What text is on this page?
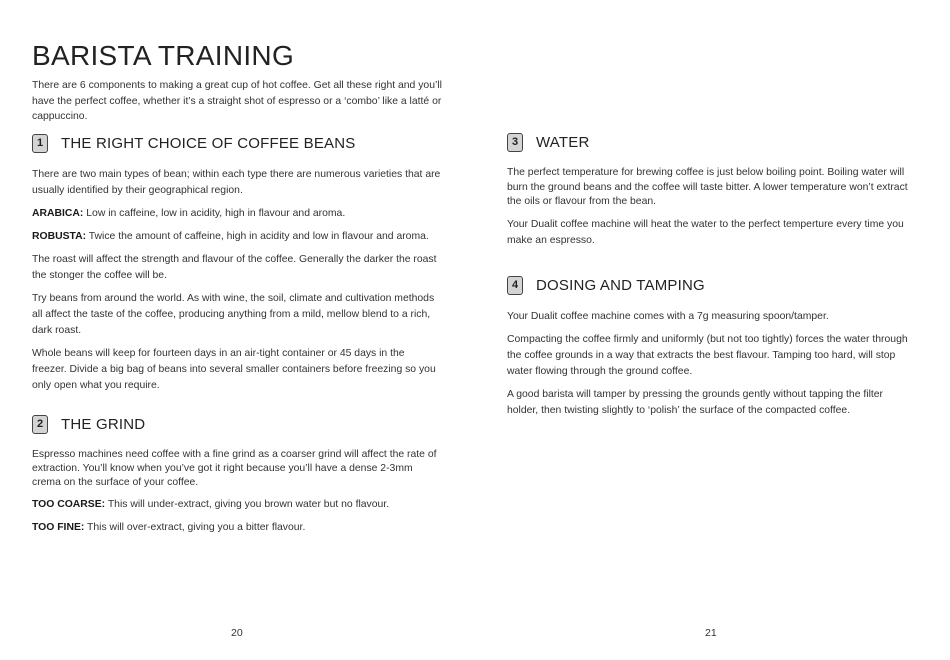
BARISTA TRAINING

There are 6 components to making a great cup of hot coffee. Get all these right and you’ll have the perfect coffee, whether it’s a straight shot of espresso or a ‘combo’ like a latté or cappuccino.

1	THE RIGHT CHOICE OF COFFEE BEANS

There are two main types of bean; within each type there are numerous varieties that are usually identified by their geographical region.

ARABICA: Low in caffeine, low in acidity, high in flavour and aroma.

ROBUSTA: Twice the amount of caffeine, high in acidity and low in flavour and aroma.

The roast will affect the strength and flavour of the coffee. Generally the darker the roast the stonger the coffee will be.

Try beans from around the world. As with wine, the soil, climate and cultivation methods all affect the taste of the coffee, producing anything from a mild, mellow blend to a rich, dark roast.

Whole beans will keep for fourteen days in an air-tight container or 45 days in the freezer. Divide a big bag of beans into several smaller containers before freezing so you only open what you require.

2	THE GRIND

Espresso machines need coffee with a fine grind as a coarser grind will affect the rate of extraction. You’ll know when you’ve got it right because you’ll have a dense 2-3mm crema on the surface of your coffee.

TOO COARSE: This will under-extract, giving you brown water but no flavour.

TOO FINE: This will over-extract, giving you a bitter flavour.

20
3	WATER

The perfect temperature for brewing coffee is just below boiling point. Boiling water will burn the ground beans and the coffee will taste bitter. A lower temperature won’t extract the oils or flavour from the bean.

Your Dualit coffee machine will heat the water to the perfect temperture every time you make an espresso.

4	DOSING AND TAMPING

Your Dualit coffee machine comes with a 7g measuring spoon/tamper.

Compacting the coffee firmly and uniformly (but not too tightly) forces the water through the coffee grounds in a way that extracts the best flavour. Tamping too hard, will stop water flowing through the ground coffee.

A good barista will tamper by pressing the grounds gently without tapping the filter holder, then twisting slightly to ‘polish’ the surface of the compacted coffee.

21
